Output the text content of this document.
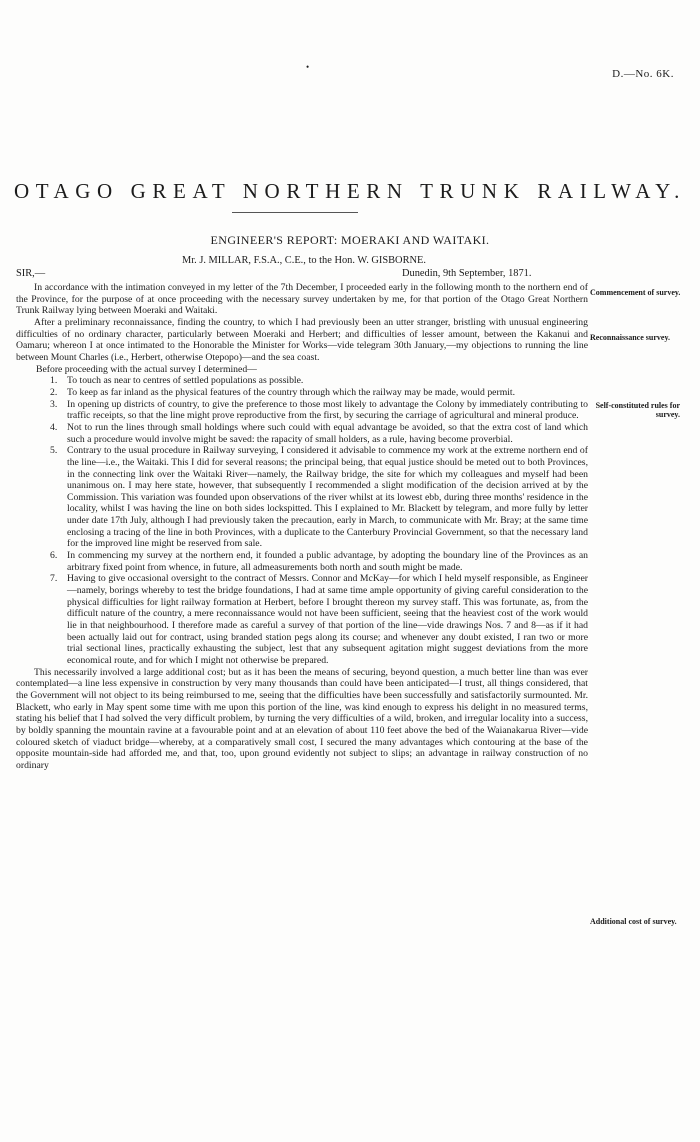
•
D.—No. 6K.
OTAGO GREAT NORTHERN TRUNK RAILWAY.
ENGINEER'S REPORT: MOERAKI AND WAITAKI.
Mr. J. MILLAR, F.S.A., C.E., to the Hon. W. GISBORNE.
SIR,—	Dunedin, 9th September, 1871.

In accordance with the intimation conveyed in my letter of the 7th December, I proceeded early in the following month to the northern end of the Province, for the purpose of at once proceeding with the necessary survey undertaken by me, for that portion of the Otago Great Northern Trunk Railway lying between Moeraki and Waitaki.

After a preliminary reconnaissance, finding the country, to which I had previously been an utter stranger, bristling with unusual engineering difficulties of no ordinary character, particularly between Moeraki and Herbert; and difficulties of lesser amount, between the Kakanui and Oamaru; whereon I at once intimated to the Honorable the Minister for Works—vide telegram 30th January,—my objections to running the line between Mount Charles (i.e., Herbert, otherwise Otepopo)—and the sea coast.

Before proceeding with the actual survey I determined—

1. To touch as near to centres of settled populations as possible.
2. To keep as far inland as the physical features of the country through which the railway may be made, would permit.
3. In opening up districts of country, to give the preference to those most likely to advantage the Colony by immediately contributing to traffic receipts, so that the line might prove reproductive from the first, by securing the carriage of agricultural and mineral produce.
4. Not to run the lines through small holdings where such could with equal advantage be avoided, so that the extra cost of land which such a procedure would involve might be saved: the rapacity of small holders, as a rule, having become proverbial.
5. Contrary to the usual procedure in Railway surveying, I considered it advisable to commence my work at the extreme northern end of the line—i.e., the Waitaki. This I did for several reasons; the principal being, that equal justice should be meted out to both Provinces, in the connecting link over the Waitaki River—namely, the Railway bridge, the site for which my colleagues and myself had been unanimous on. I may here state, however, that subsequently I recommended a slight modification of the decision arrived at by the Commission. This variation was founded upon observations of the river whilst at its lowest ebb, during three months' residence in the locality, whilst I was having the line on both sides lockspitted. This I explained to Mr. Blackett by telegram, and more fully by letter under date 17th July, although I had previously taken the precaution, early in March, to communicate with Mr. Bray; at the same time enclosing a tracing of the line in both Provinces, with a duplicate to the Canterbury Provincial Government, so that the necessary land for the improved line might be reserved from sale.
6. In commencing my survey at the northern end, it founded a public advantage, by adopting the boundary line of the Provinces as an arbitrary fixed point from whence, in future, all admeasurements both north and south might be made.
7. Having to give occasional oversight to the contract of Messrs. Connor and McKay—for which I held myself responsible, as Engineer—namely, borings whereby to test the bridge foundations, I had at same time ample opportunity of giving careful consideration to the physical difficulties for light railway formation at Herbert, before I brought thereon my survey staff. This was fortunate, as, from the difficult nature of the country, a mere reconnaissance would not have been sufficient, seeing that the heaviest cost of the work would lie in that neighbourhood. I therefore made as careful a survey of that portion of the line—vide drawings Nos. 7 and 8—as if it had been actually laid out for contract, using branded station pegs along its course; and whenever any doubt existed, I ran two or more trial sectional lines, practically exhausting the subject, lest that any subsequent agitation might suggest deviations from the more economical route, and for which I might not otherwise be prepared.

This necessarily involved a large additional cost; but as it has been the means of securing, beyond question, a much better line than was ever contemplated—a line less expensive in construction by very many thousands than could have been anticipated—I trust, all things considered, that the Government will not object to its being reimbursed to me, seeing that the difficulties have been successfully and satisfactorily surmounted. Mr. Blackett, who early in May spent some time with me upon this portion of the line, was kind enough to express his delight in no measured terms, stating his belief that I had solved the very difficult problem, by turning the very difficulties of a wild, broken, and irregular locality into a success, by boldly spanning the mountain ravine at a favourable point and at an elevation of about 110 feet above the bed of the Waianakarua River—vide coloured sketch of viaduct bridge—whereby, at a comparatively small cost, I secured the many advantages which contouring at the base of the opposite mountain-side had afforded me, and that, too, upon ground evidently not subject to slips; an advantage in railway construction of no ordinary

Commencement of survey.
Reconnaissance survey.
Self-constituted rules for survey.
Additional cost of survey.
